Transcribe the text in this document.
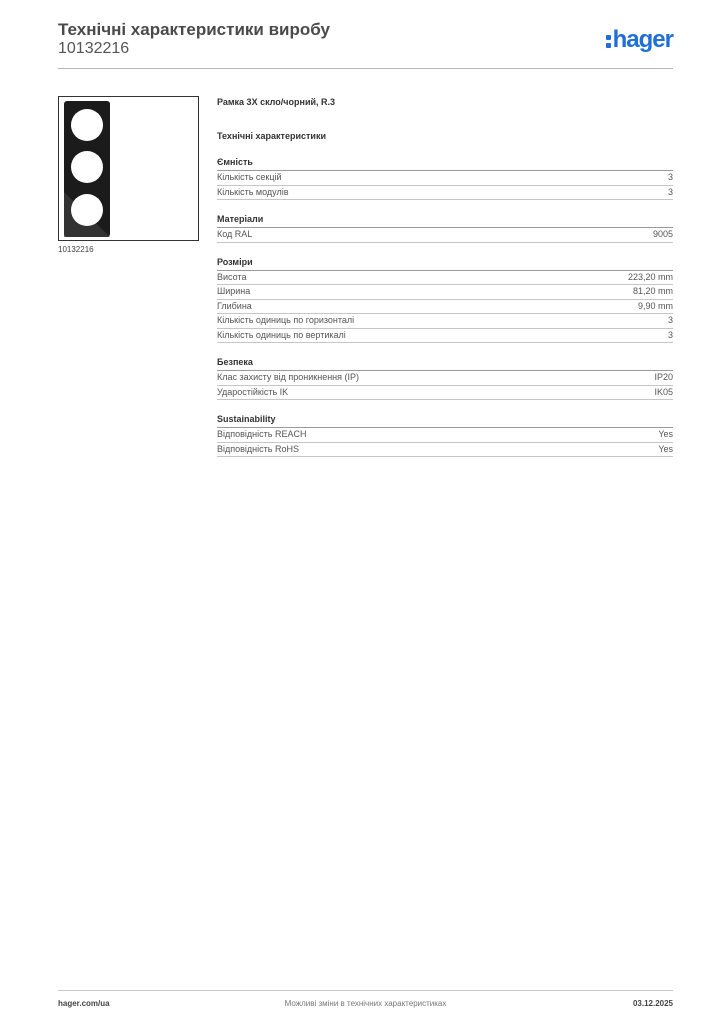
Технічні характеристики виробу
10132216	hager
10132216
Рамка 3Х скло/чорний, R.3
Технічні характеристики
Ємність
Кількість секцій	3
Кількість модулів	3
Матеріали
Код RAL	9005
Розміри
Висота	223,20 mm
Ширина	81,20 mm
Глибина	9,90 mm
Кількість одиниць по горизонталі	3
Кількість одиниць по вертикалі	3
Безпека
Клас захисту від проникнення (IP)	IP20
Ударостійкість IK	IK05
Sustainability
Відповідність REACH	Yes
Відповідність RoHS	Yes
Можливі зміни в технічних характеристиках
hager.com/ua	03.12.2025
